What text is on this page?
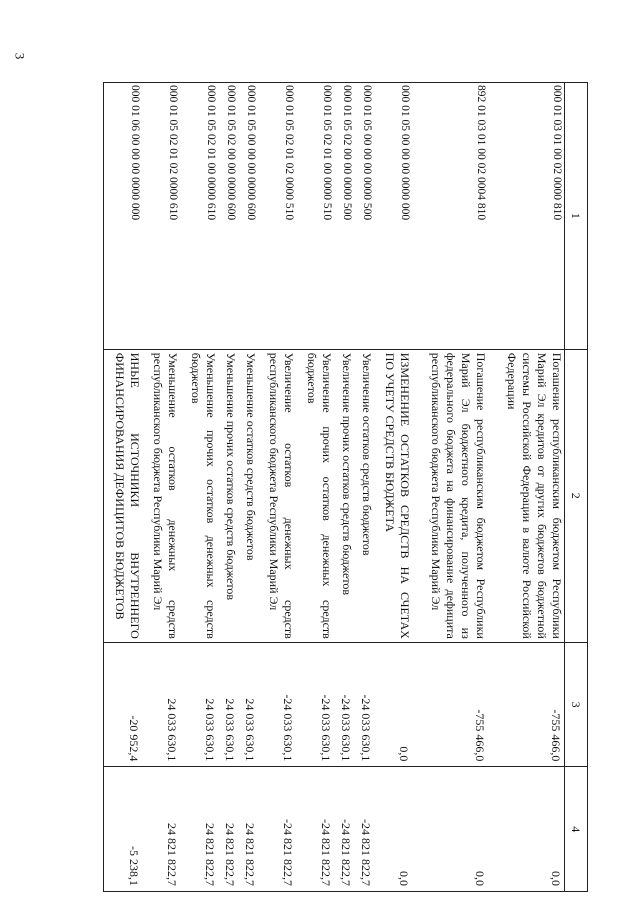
3
1	2	3	4
000 01 03 01 00 02 0000 810	Погашение республиканским бюджетом Республики Марий Эл кредитов от других бюджетов бюджетной системы Российской Федерации в валюте Российской Федерации	-755 466,0	0,0
892 01 03 01 00 02 0004 810	Погашение республиканским бюджетом Республики Марий Эл бюджетного кредита, полученного из федерального бюджета на финансирование дефицита республиканского бюджета Республики Марий Эл	-755 466,0	0,0
000 01 05 00 00 00 0000 000	ИЗМЕНЕНИЕ ОСТАТКОВ СРЕДСТВ НА СЧЕТАХ ПО УЧЕТУ СРЕДСТВ БЮДЖЕТА	0,0	0,0
000 01 05 00 00 00 0000 500	Увеличение остатков средств бюджетов	-24 033 630,1	-24 821 822,7
000 01 05 02 00 00 0000 500	Увеличение прочих остатков средств бюджетов	-24 033 630,1	-24 821 822,7
000 01 05 02 01 00 0000 510	Увеличение прочих остатков денежных средств бюджетов	-24 033 630,1	-24 821 822,7
000 01 05 02 01 02 0000 510	Увеличение остатков денежных средств республиканского бюджета Республики Марий Эл	-24 033 630,1	-24 821 822,7
000 01 05 00 00 00 0000 600	Уменьшение остатков средств бюджетов	24 033 630,1	24 821 822,7
000 01 05 02 00 00 0000 600	Уменьшение прочих остатков средств бюджетов	24 033 630,1	24 821 822,7
000 01 05 02 01 00 0000 610	Уменьшение прочих остатков денежных средств бюджетов	24 033 630,1	24 821 822,7
000 01 05 02 01 02 0000 610	Уменьшение остатков денежных средств республиканского бюджета Республики Марий Эл	24 033 630,1	24 821 822,7
000 01 06 00 00 00 0000 000	ИНЫЕ ИСТОЧНИКИ ВНУТРЕННЕГО ФИНАНСИРОВАНИЯ ДЕФИЦИТОВ БЮДЖЕТОВ	-20 952,4	-5 238,1
